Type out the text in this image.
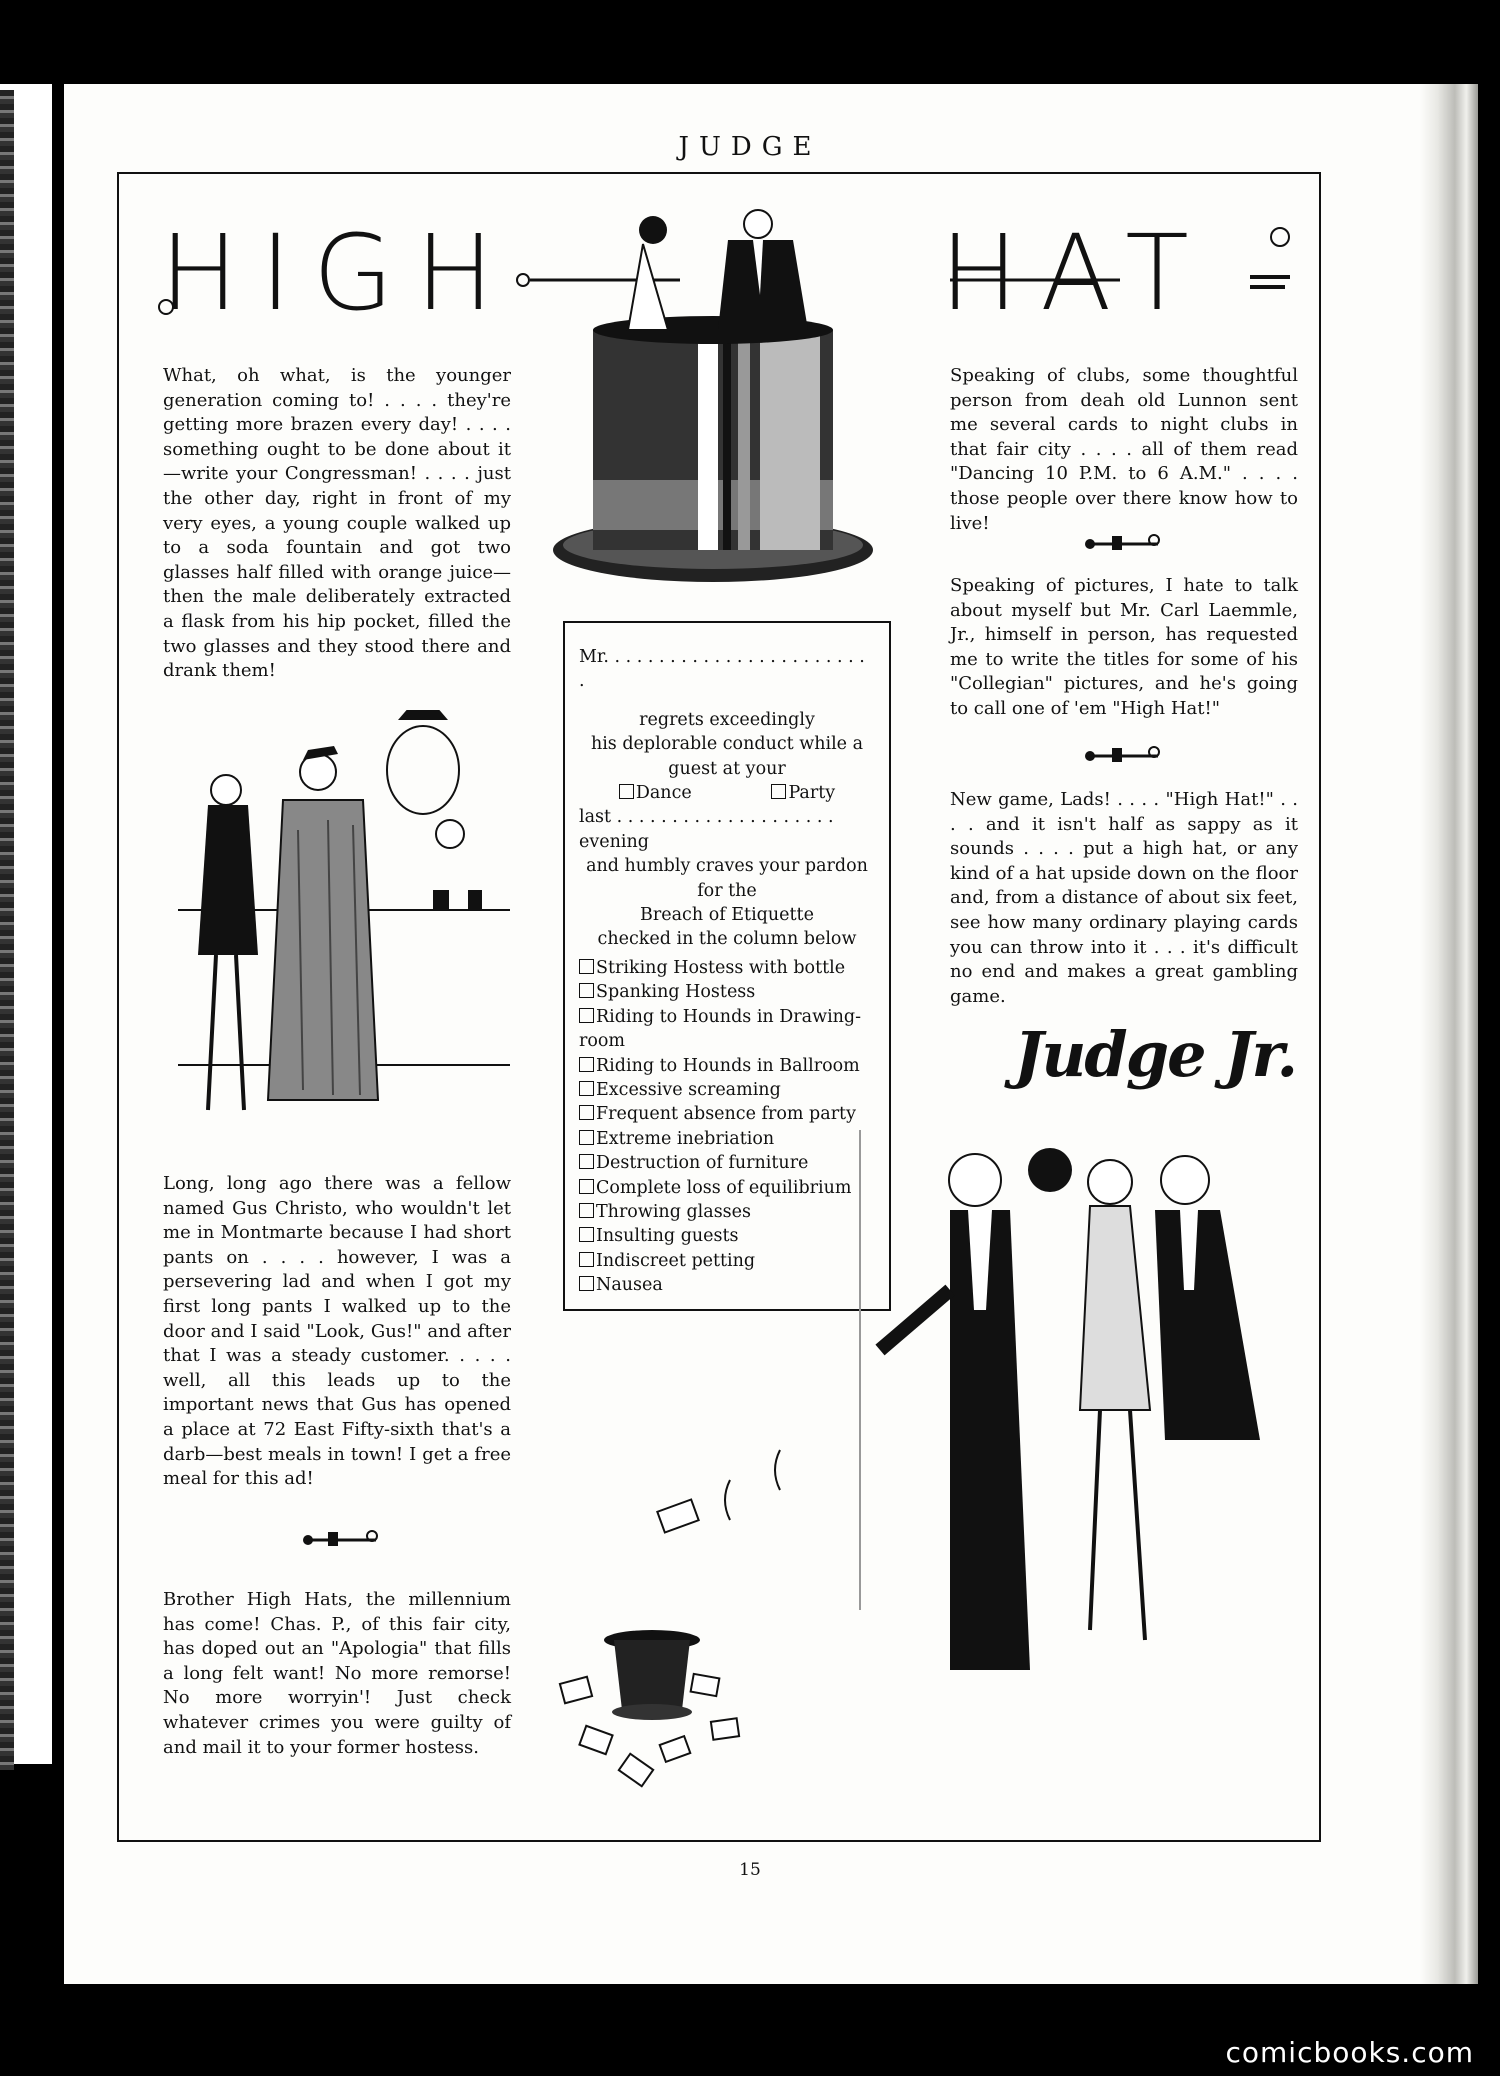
JUDGE
HIGH	HAT

What, oh what, is the younger generation coming to! . . . . they're getting more brazen every day! . . . . something ought to be done about it —write your Congressman! . . . . just the other day, right in front of my very eyes, a young couple walked up to a soda fountain and got two glasses half filled with orange juice— then the male deliberately extracted a flask from his hip pocket, filled the two glasses and they stood there and drank them!

Long, long ago there was a fellow named Gus Christo, who wouldn't let me in Montmarte because I had short pants on . . . . however, I was a persevering lad and when I got my first long pants I walked up to the door and I said "Look, Gus!" and after that I was a steady customer. . . . . well, all this leads up to the important news that Gus has opened a place at 72 East Fifty-sixth that's a darb—best meals in town! I get a free meal for this ad!

Brother High Hats, the millennium has come! Chas. P., of this fair city, has doped out an "Apologia" that fills a long felt want! No more remorse! No more worryin'! Just check whatever crimes you were guilty of and mail it to your former hostess.

Mr. . . . . . . . . . . . . . . . . . . . . . . . .
regrets exceedingly
his deplorable conduct while a
guest at your
Dance	Party
last . . . . . . . . . . . . . . . . . . . . evening
and humbly craves your pardon
for the
Breach of Etiquette
checked in the column below
Striking Hostess with bottle
Spanking Hostess
Riding to Hounds in Drawing-room
Riding to Hounds in Ballroom
Excessive screaming
Frequent absence from party
Extreme inebriation
Destruction of furniture
Complete loss of equilibrium
Throwing glasses
Insulting guests
Indiscreet petting
Nausea

Speaking of clubs, some thoughtful person from deah old Lunnon sent me several cards to night clubs in that fair city . . . . all of them read "Dancing 10 P.M. to 6 A.M." . . . . those people over there know how to live!

Speaking of pictures, I hate to talk about myself but Mr. Carl Laemmle, Jr., himself in person, has requested me to write the titles for some of his "Collegian" pictures, and he's going to call one of 'em "High Hat!"

New game, Lads! . . . . "High Hat!" . . . . and it isn't half as sappy as it sounds . . . . put a high hat, or any kind of a hat upside down on the floor and, from a distance of about six feet, see how many ordinary playing cards you can throw into it . . . it's difficult no end and makes a great gambling game.

Judge Jr.
15
comicbooks.com
